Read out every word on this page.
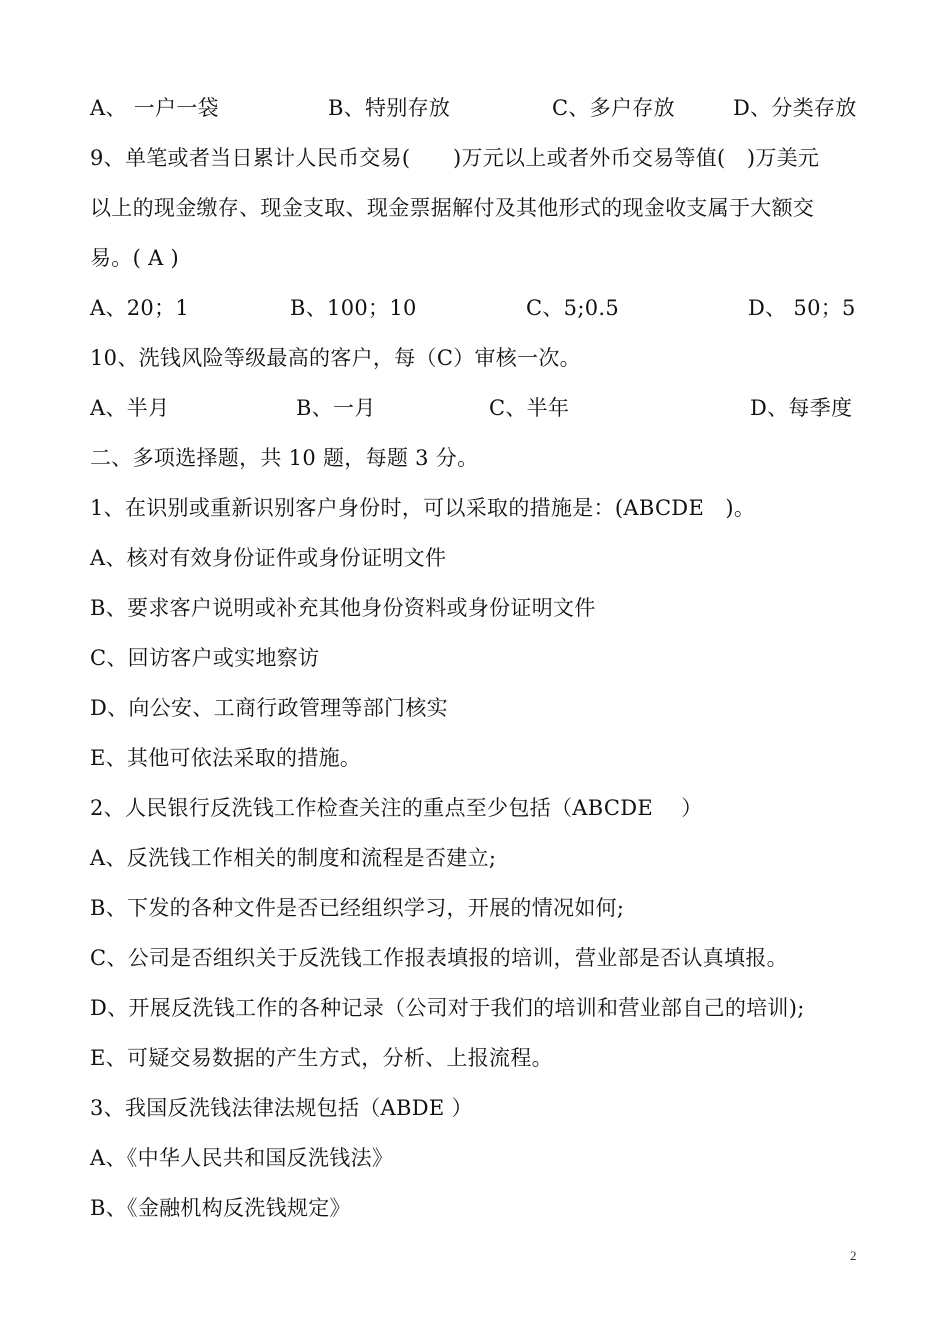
A、 一户一袋	B、特别存放	C、多户存放	D、分类存放
9、单笔或者当日累计人民币交易(　　)万元以上或者外币交易等值(　)万美元
以上的现金缴存、现金支取、现金票据解付及其他形式的现金收支属于大额交
易。( A )
A、20；1	B、100；10	C、5;0.5	D、 50；5
10、洗钱风险等级最高的客户，每（C）审核一次。
A、半月	B、一月	C、半年	D、每季度
二、多项选择题，共 10 题，每题 3 分。
1、在识别或重新识别客户身份时，可以采取的措施是：(ABCDE　)。
A、核对有效身份证件或身份证明文件
B、要求客户说明或补充其他身份资料或身份证明文件
C、回访客户或实地察访
D、向公安、工商行政管理等部门核实
E、其他可依法采取的措施。
2、人民银行反洗钱工作检查关注的重点至少包括（ABCDE　 ）
A、反洗钱工作相关的制度和流程是否建立;
B、下发的各种文件是否已经组织学习，开展的情况如何;
C、公司是否组织关于反洗钱工作报表填报的培训，营业部是否认真填报。
D、开展反洗钱工作的各种记录（公司对于我们的培训和营业部自己的培训);
E、可疑交易数据的产生方式，分析、上报流程。
3、我国反洗钱法律法规包括（ABDE ）
A、《中华人民共和国反洗钱法》
B、《金融机构反洗钱规定》
2
